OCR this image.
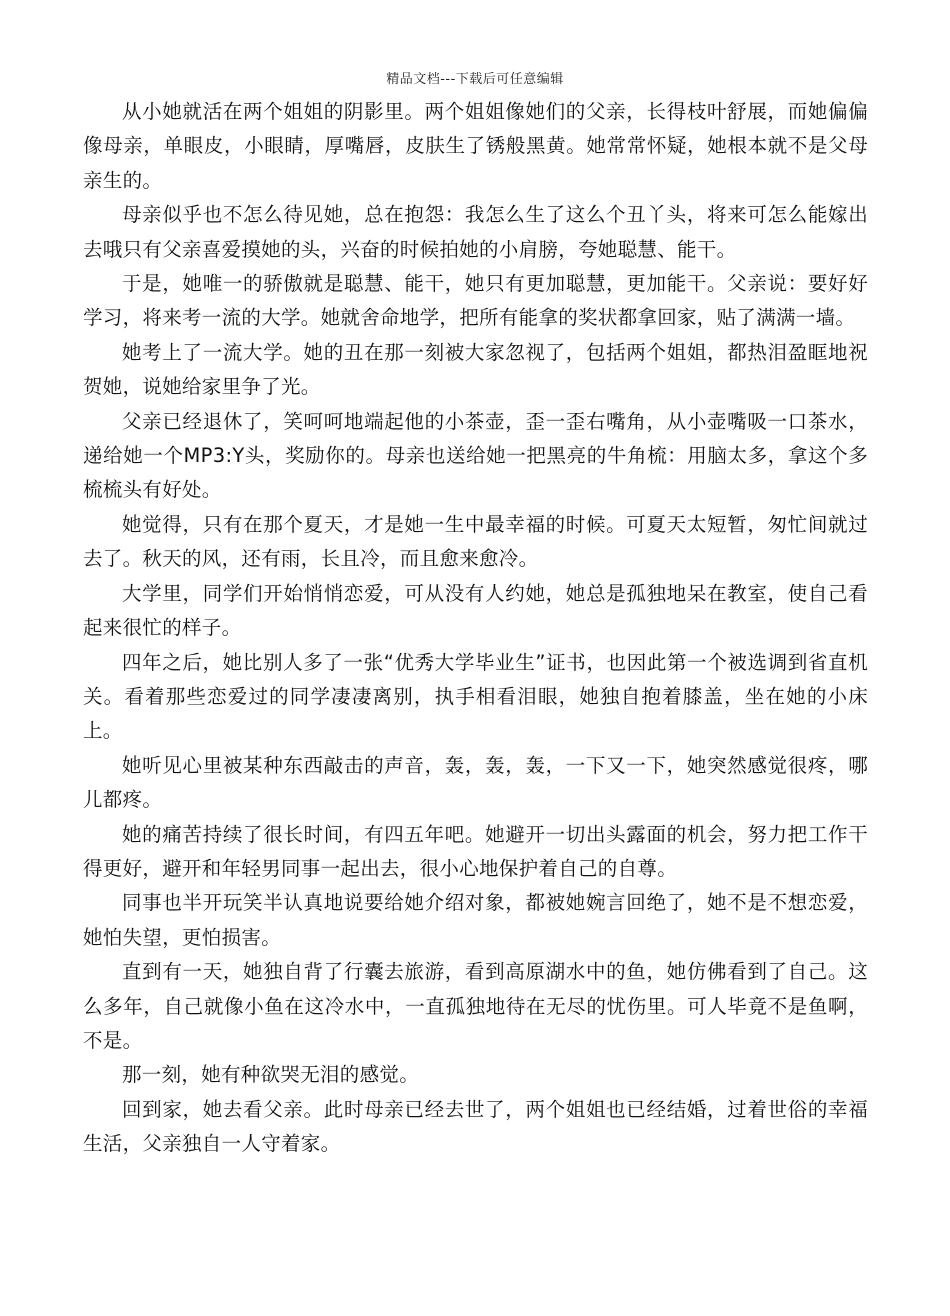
精品文档---下载后可任意编辑

从小她就活在两个姐姐的阴影里。两个姐姐像她们的父亲，长得枝叶舒展，而她偏偏像母亲，单眼皮，小眼睛，厚嘴唇，皮肤生了锈般黑黄。她常常怀疑，她根本就不是父母亲生的。

母亲似乎也不怎么待见她，总在抱怨：我怎么生了这么个丑丫头，将来可怎么能嫁出去哦只有父亲喜爱摸她的头，兴奋的时候拍她的小肩膀，夸她聪慧、能干。

于是，她唯一的骄傲就是聪慧、能干，她只有更加聪慧，更加能干。父亲说：要好好学习，将来考一流的大学。她就舍命地学，把所有能拿的奖状都拿回家，贴了满满一墙。

她考上了一流大学。她的丑在那一刻被大家忽视了，包括两个姐姐，都热泪盈眶地祝贺她，说她给家里争了光。

父亲已经退休了，笑呵呵地端起他的小茶壶，歪一歪右嘴角，从小壶嘴吸一口茶水，递给她一个MP3:Y头，奖励你的。母亲也送给她一把黑亮的牛角梳：用脑太多，拿这个多梳梳头有好处。

她觉得，只有在那个夏天，才是她一生中最幸福的时候。可夏天太短暂，匆忙间就过去了。秋天的风，还有雨，长且冷，而且愈来愈冷。

大学里，同学们开始悄悄恋爱，可从没有人约她，她总是孤独地呆在教室，使自己看起来很忙的样子。

四年之后，她比别人多了一张“优秀大学毕业生”证书，也因此第一个被选调到省直机关。看着那些恋爱过的同学凄凄离别，执手相看泪眼，她独自抱着膝盖，坐在她的小床上。

她听见心里被某种东西敲击的声音，轰，轰，轰，一下又一下，她突然感觉很疼，哪儿都疼。

她的痛苦持续了很长时间，有四五年吧。她避开一切出头露面的机会，努力把工作干得更好，避开和年轻男同事一起出去，很小心地保护着自己的自尊。

同事也半开玩笑半认真地说要给她介绍对象，都被她婉言回绝了，她不是不想恋爱，她怕失望，更怕损害。

直到有一天，她独自背了行囊去旅游，看到高原湖水中的鱼，她仿佛看到了自己。这么多年，自己就像小鱼在这冷水中，一直孤独地待在无尽的忧伤里。可人毕竟不是鱼啊，不是。

那一刻，她有种欲哭无泪的感觉。

回到家，她去看父亲。此时母亲已经去世了，两个姐姐也已经结婚，过着世俗的幸福生活，父亲独自一人守着家。
